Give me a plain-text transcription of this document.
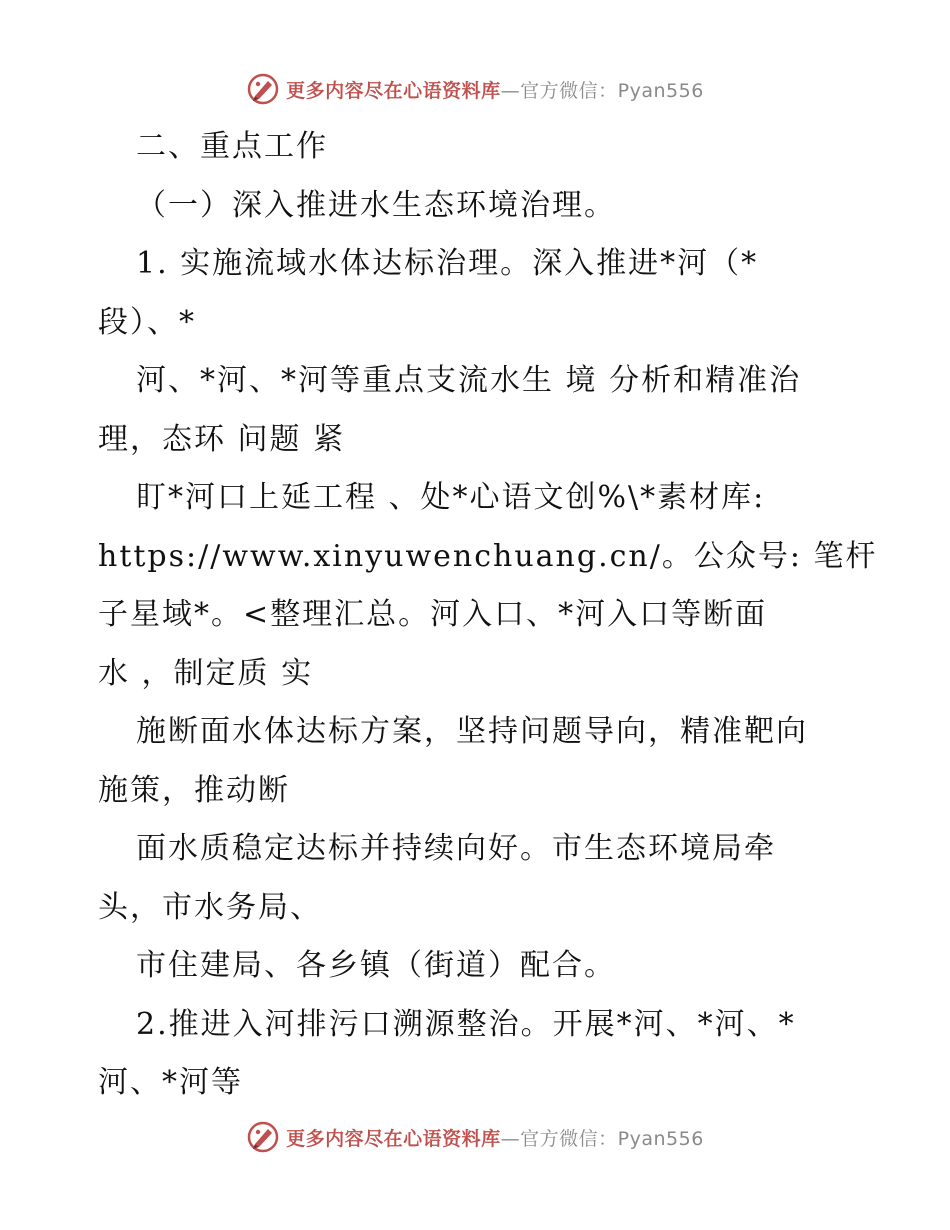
更多内容尽在心语资料库—官方微信：Pyan556
二、重点工作
（一）深入推进水生态环境治理。
1. 实施流域水体达标治理。深入推进*河（*
段）、*
河、*河、*河等重点支流水生 境 分析和精准治
理，态环 问题 紧
盯*河口上延工程 、处*心语文创%\*素材库:
https://www.xinyuwenchuang.cn/。公众号: 笔杆
子星域*。<整理汇总。河入口、*河入口等断面
水 ，制定质 实
施断面水体达标方案，坚持问题导向，精准靶向
施策，推动断
面水质稳定达标并持续向好。市生态环境局牵
头，市水务局、
市住建局、各乡镇（街道）配合。
2.推进入河排污口溯源整治。开展*河、*河、*
河、*河等
更多内容尽在心语资料库—官方微信：Pyan556
